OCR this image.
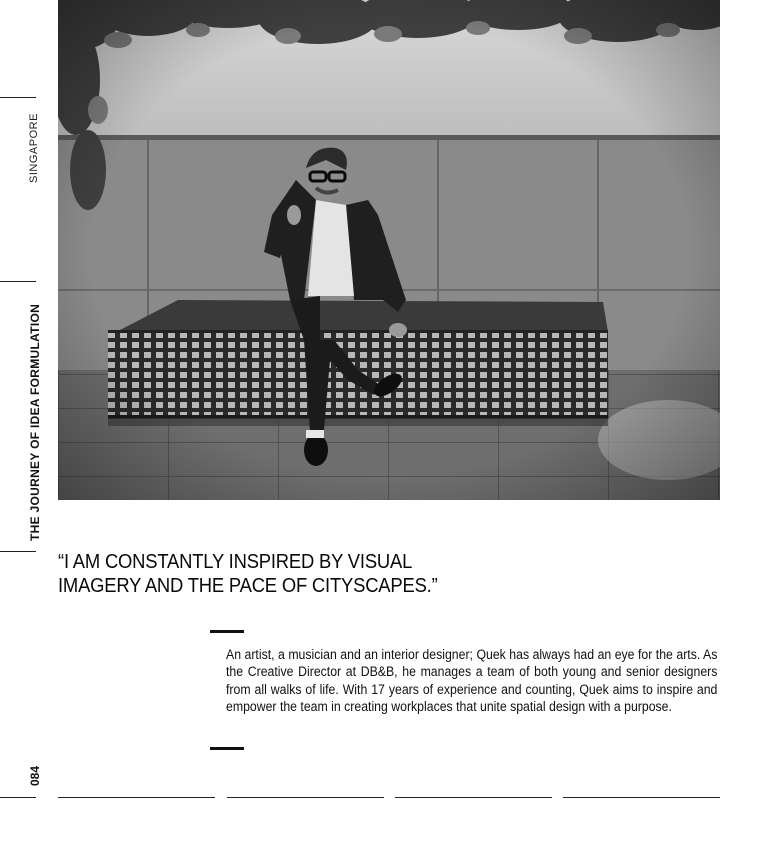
SINGAPORE
THE JOURNEY OF IDEA FORMULATION
084
“I AM CONSTANTLY INSPIRED BY VISUAL
IMAGERY AND THE PACE OF CITYSCAPES.”
An artist, a musician and an interior designer; Quek has always had an eye for the arts. As the Creative Director at DB&B, he manages a team of both young and senior designers from all walks of life. With 17 years of experience and counting, Quek aims to inspire and empower the team in creating workplaces that unite spatial design with a purpose.
